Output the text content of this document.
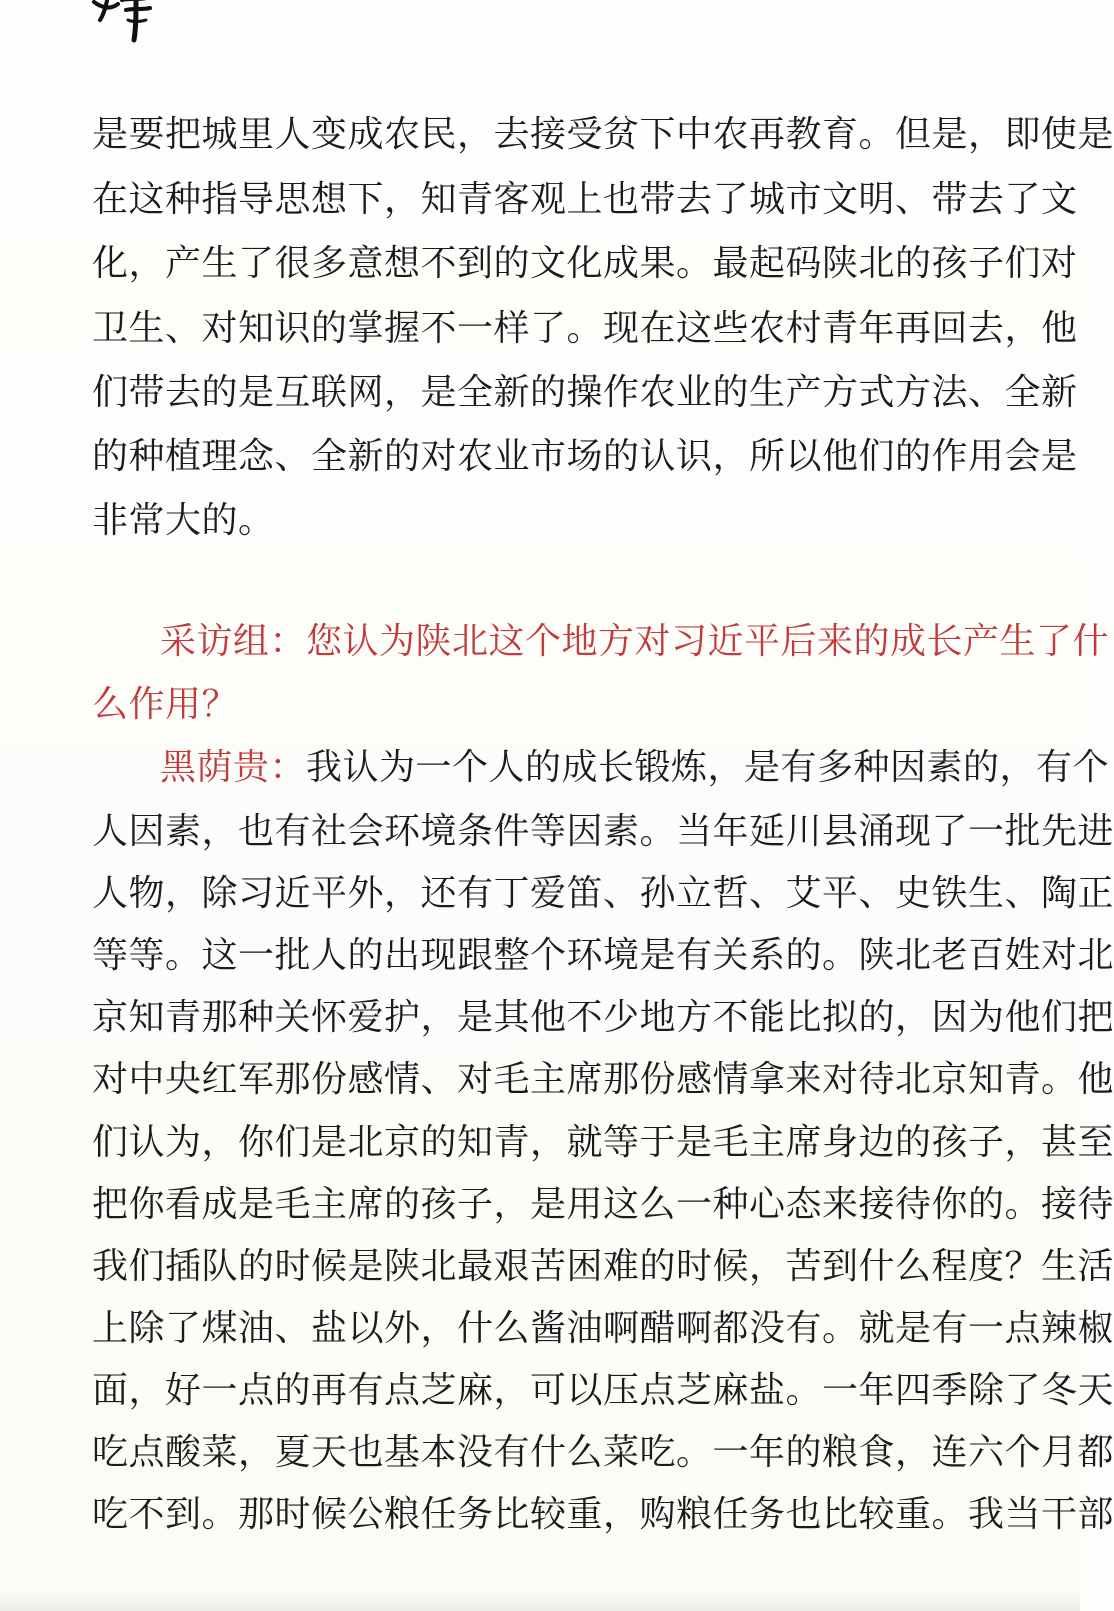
是要把城里人变成农民，去接受贫下中农再教育。但是，即使是
在这种指导思想下，知青客观上也带去了城市文明、带去了文
化，产生了很多意想不到的文化成果。最起码陕北的孩子们对
卫生、对知识的掌握不一样了。现在这些农村青年再回去，他
们带去的是互联网，是全新的操作农业的生产方式方法、全新
的种植理念、全新的对农业市场的认识，所以他们的作用会是
非常大的。
采访组：您认为陕北这个地方对习近平后来的成长产生了什
么作用？
黑荫贵：我认为一个人的成长锻炼，是有多种因素的，有个
人因素，也有社会环境条件等因素。当年延川县涌现了一批先进
人物，除习近平外，还有丁爱笛、孙立哲、艾平、史铁生、陶正
等等。这一批人的出现跟整个环境是有关系的。陕北老百姓对北
京知青那种关怀爱护，是其他不少地方不能比拟的，因为他们把
对中央红军那份感情、对毛主席那份感情拿来对待北京知青。他
们认为，你们是北京的知青，就等于是毛主席身边的孩子，甚至
把你看成是毛主席的孩子，是用这么一种心态来接待你的。接待
我们插队的时候是陕北最艰苦困难的时候，苦到什么程度？生活
上除了煤油、盐以外，什么酱油啊醋啊都没有。就是有一点辣椒
面，好一点的再有点芝麻，可以压点芝麻盐。一年四季除了冬天
吃点酸菜，夏天也基本没有什么菜吃。一年的粮食，连六个月都
吃不到。那时候公粮任务比较重，购粮任务也比较重。我当干部
